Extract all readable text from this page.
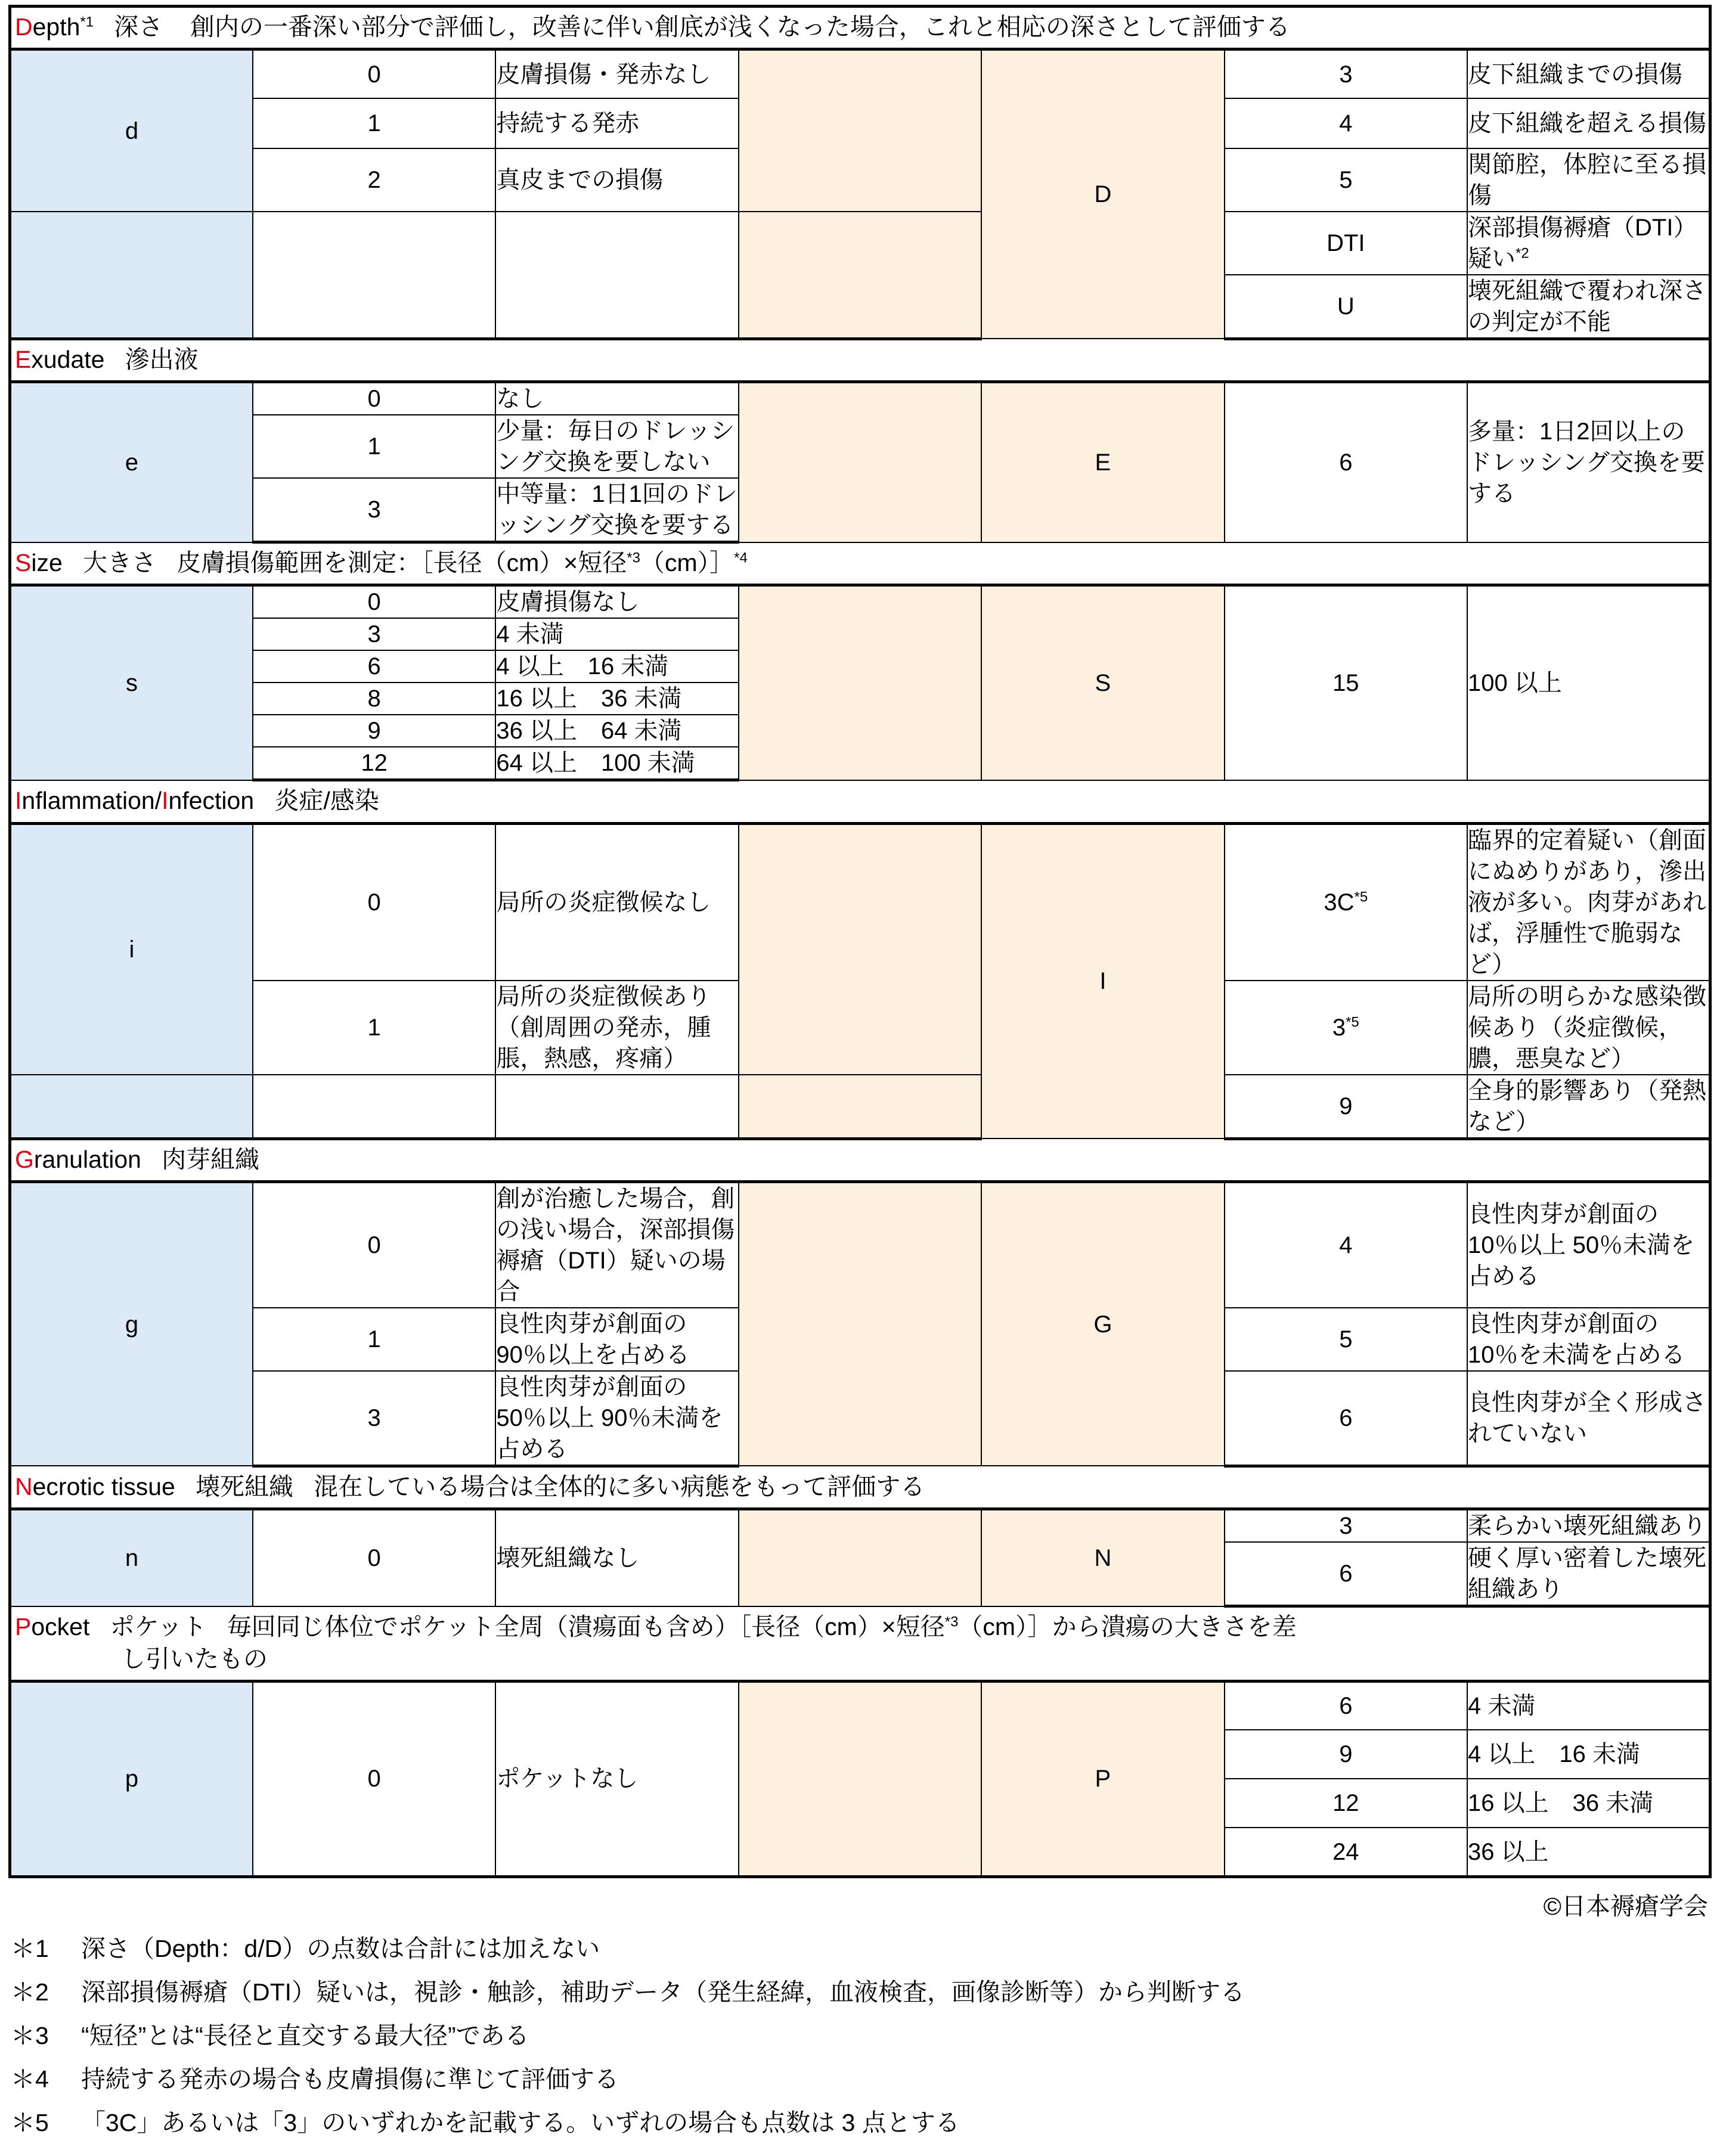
Depth$^{*1}$ 深さ 創内の一番深い部分で評価し，改善に伴い創底が浅くなった場合，これと相応の深さとして評価する						
d	0	皮膚損傷・発赤なし		D	3	皮下組織までの損傷
	1	持続する発赤			4	皮下組織を超える損傷
	2	真皮までの損傷			5	関節腔，体腔に至る損傷
					DTI	深部損傷褥瘡（DTI）疑い$^{*2}$
					U	壊死組織で覆われ深さの判定が不能
Exudate 滲出液						
e	0	なし		E	6	多量：1日2回以上のドレッシング交換を要する
	1	少量：毎日のドレッシング交換を要しない				
	3	中等量：1日1回のドレッシング交換を要する				
Size 大きさ 皮膚損傷範囲を測定：［長径（cm）×短径$^{*3}$（cm）］$^{*4}$
s	0	皮膚損傷なし		S	15	100 以上
	3	4 未満				
	6	4 以上　16 未満				
	8	16 以上　36 未満				
	9	36 以上　64 未満				
	12	64 以上　100 未満				
Inflammation/Infection 炎症/感染						
i	0	局所の炎症徴候なし		I	$3C^{*5}$	臨界的定着疑い（創面にぬめりがあり，滲出液が多い。肉芽があれば，浮腫性で脆弱など）
	1	局所の炎症徴候あり（創周囲の発赤，腫脹，熱感，疼痛）			3$^{*5}$	局所の明らかな感染徴候あり（炎症徴候，膿，悪臭など）
					9	全身的影響あり（発熱など）
Granulation 肉芽組織						
g	0	創が治癒した場合，創の浅い場合，深部損傷褥瘡（DTI）疑いの場合		G	4	良性肉芽が創面の 10％以上 50％未満を占める
	1	良性肉芽が創面の 90％以上を占める			5	良性肉芽が創面の 10％を未満を占める
	3	良性肉芽が創面の 50％以上 90％未満を占める			6	良性肉芽が全く形成されていない
Necrotic tissue 壊死組織 混在している場合は全体的に多い病態をもって評価する						
n	0	壊死組織なし		N	3	柔らかい壊死組織あり
					6	硬く厚い密着した壊死組織あり
Pocket ポケット 毎回同じ体位でポケット全周（潰瘍面も含め）［長径（cm）×短径$^{*3}$（cm）］から潰瘍の大きさを差
し引いたもの						

p	0	ポケットなし		P	6	4 未満
					9	4 以上　16 未満
					12	16 以上　36 未満
					24	36 以上
©日本褥瘡学会
＊1	深さ（Depth：d/D）の点数は合計には加えない
＊2	深部損傷褥瘡（DTI）疑いは，視診・触診，補助データ（発生経緯，血液検査，画像診断等）から判断する
＊3	“短径”とは“長径と直交する最大径”である
＊4	持続する発赤の場合も皮膚損傷に準じて評価する
＊5	「3C」あるいは「3」のいずれかを記載する。いずれの場合も点数は 3 点とする
